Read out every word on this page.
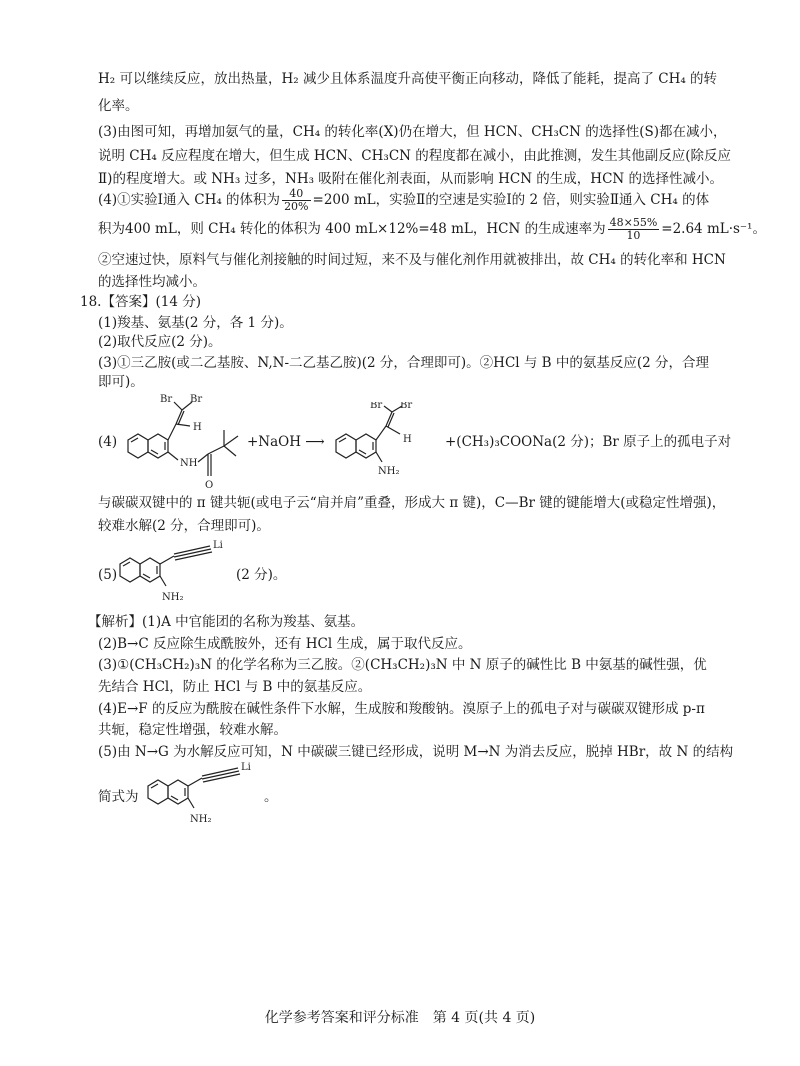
H₂ 可以继续反应，放出热量，H₂ 减少且体系温度升高使平衡正向移动，降低了能耗，提高了 CH₄ 的转
化率。
(3)由图可知，再增加氨气的量，CH₄ 的转化率(X)仍在增大，但 HCN、CH₃CN 的选择性(S)都在减小，
说明 CH₄ 反应程度在增大，但生成 HCN、CH₃CN 的程度都在减小，由此推测，发生其他副反应(除反应
Ⅱ)的程度增大。或 NH₃ 过多，NH₃ 吸附在催化剂表面，从而影响 HCN 的生成，HCN 的选择性减小。
(4)①实验Ⅰ通入 CH₄ 的体积为 $\frac{40}{20\%} =200$ mL，实验Ⅱ的空速是实验Ⅰ的 2 倍，则实验Ⅱ通入 CH₄ 的体
积为400 mL，则 CH₄ 转化的体积为 400 mL×12%=48 mL，HCN 的生成速率为 $\frac{48\times 55\%}{10} =2.64$ mL·s⁻¹。
②空速过快，原料气与催化剂接触的时间过短，来不及与催化剂作用就被排出，故 CH₄ 的转化率和 HCN
的选择性均减小。
18.【答案】(14 分)
(1)羧基、氨基(2 分，各 1 分)。
(2)取代反应(2 分)。
(3)①三乙胺(或二乙基胺、N,N-二乙基乙胺)(2 分，合理即可)。②HCl 与 B 中的氨基反应(2 分，合理
即可)。
(4)
Br Br
H
NH
O
+NaOH ⟶
Br Br
H
NH₂
+(CH₃)₃COONa(2 分)；Br 原子上的孤电子对
与碳碳双键中的 π 键共轭(或电子云“肩并肩”重叠，形成大 π 键)，C—Br 键的键能增大(或稳定性增强)，
较难水解(2 分，合理即可)。
(5)
Li
NH₂
(2 分)。
【解析】(1)A 中官能团的名称为羧基、氨基。
(2)B→C 反应除生成酰胺外，还有 HCl 生成，属于取代反应。
(3)①(CH₃CH₂)₃N 的化学名称为三乙胺。②(CH₃CH₂)₃N 中 N 原子的碱性比 B 中氨基的碱性强，优
先结合 HCl，防止 HCl 与 B 中的氨基反应。
(4)E→F 的反应为酰胺在碱性条件下水解，生成胺和羧酸钠。溴原子上的孤电子对与碳碳双键形成 p-π
共轭，稳定性增强，较难水解。
(5)由 N→G 为水解反应可知，N 中碳碳三键已经形成，说明 M→N 为消去反应，脱掉 HBr，故 N 的结构
简式为
Li
NH₂
。
化学参考答案和评分标准　第 4 页(共 4 页)
